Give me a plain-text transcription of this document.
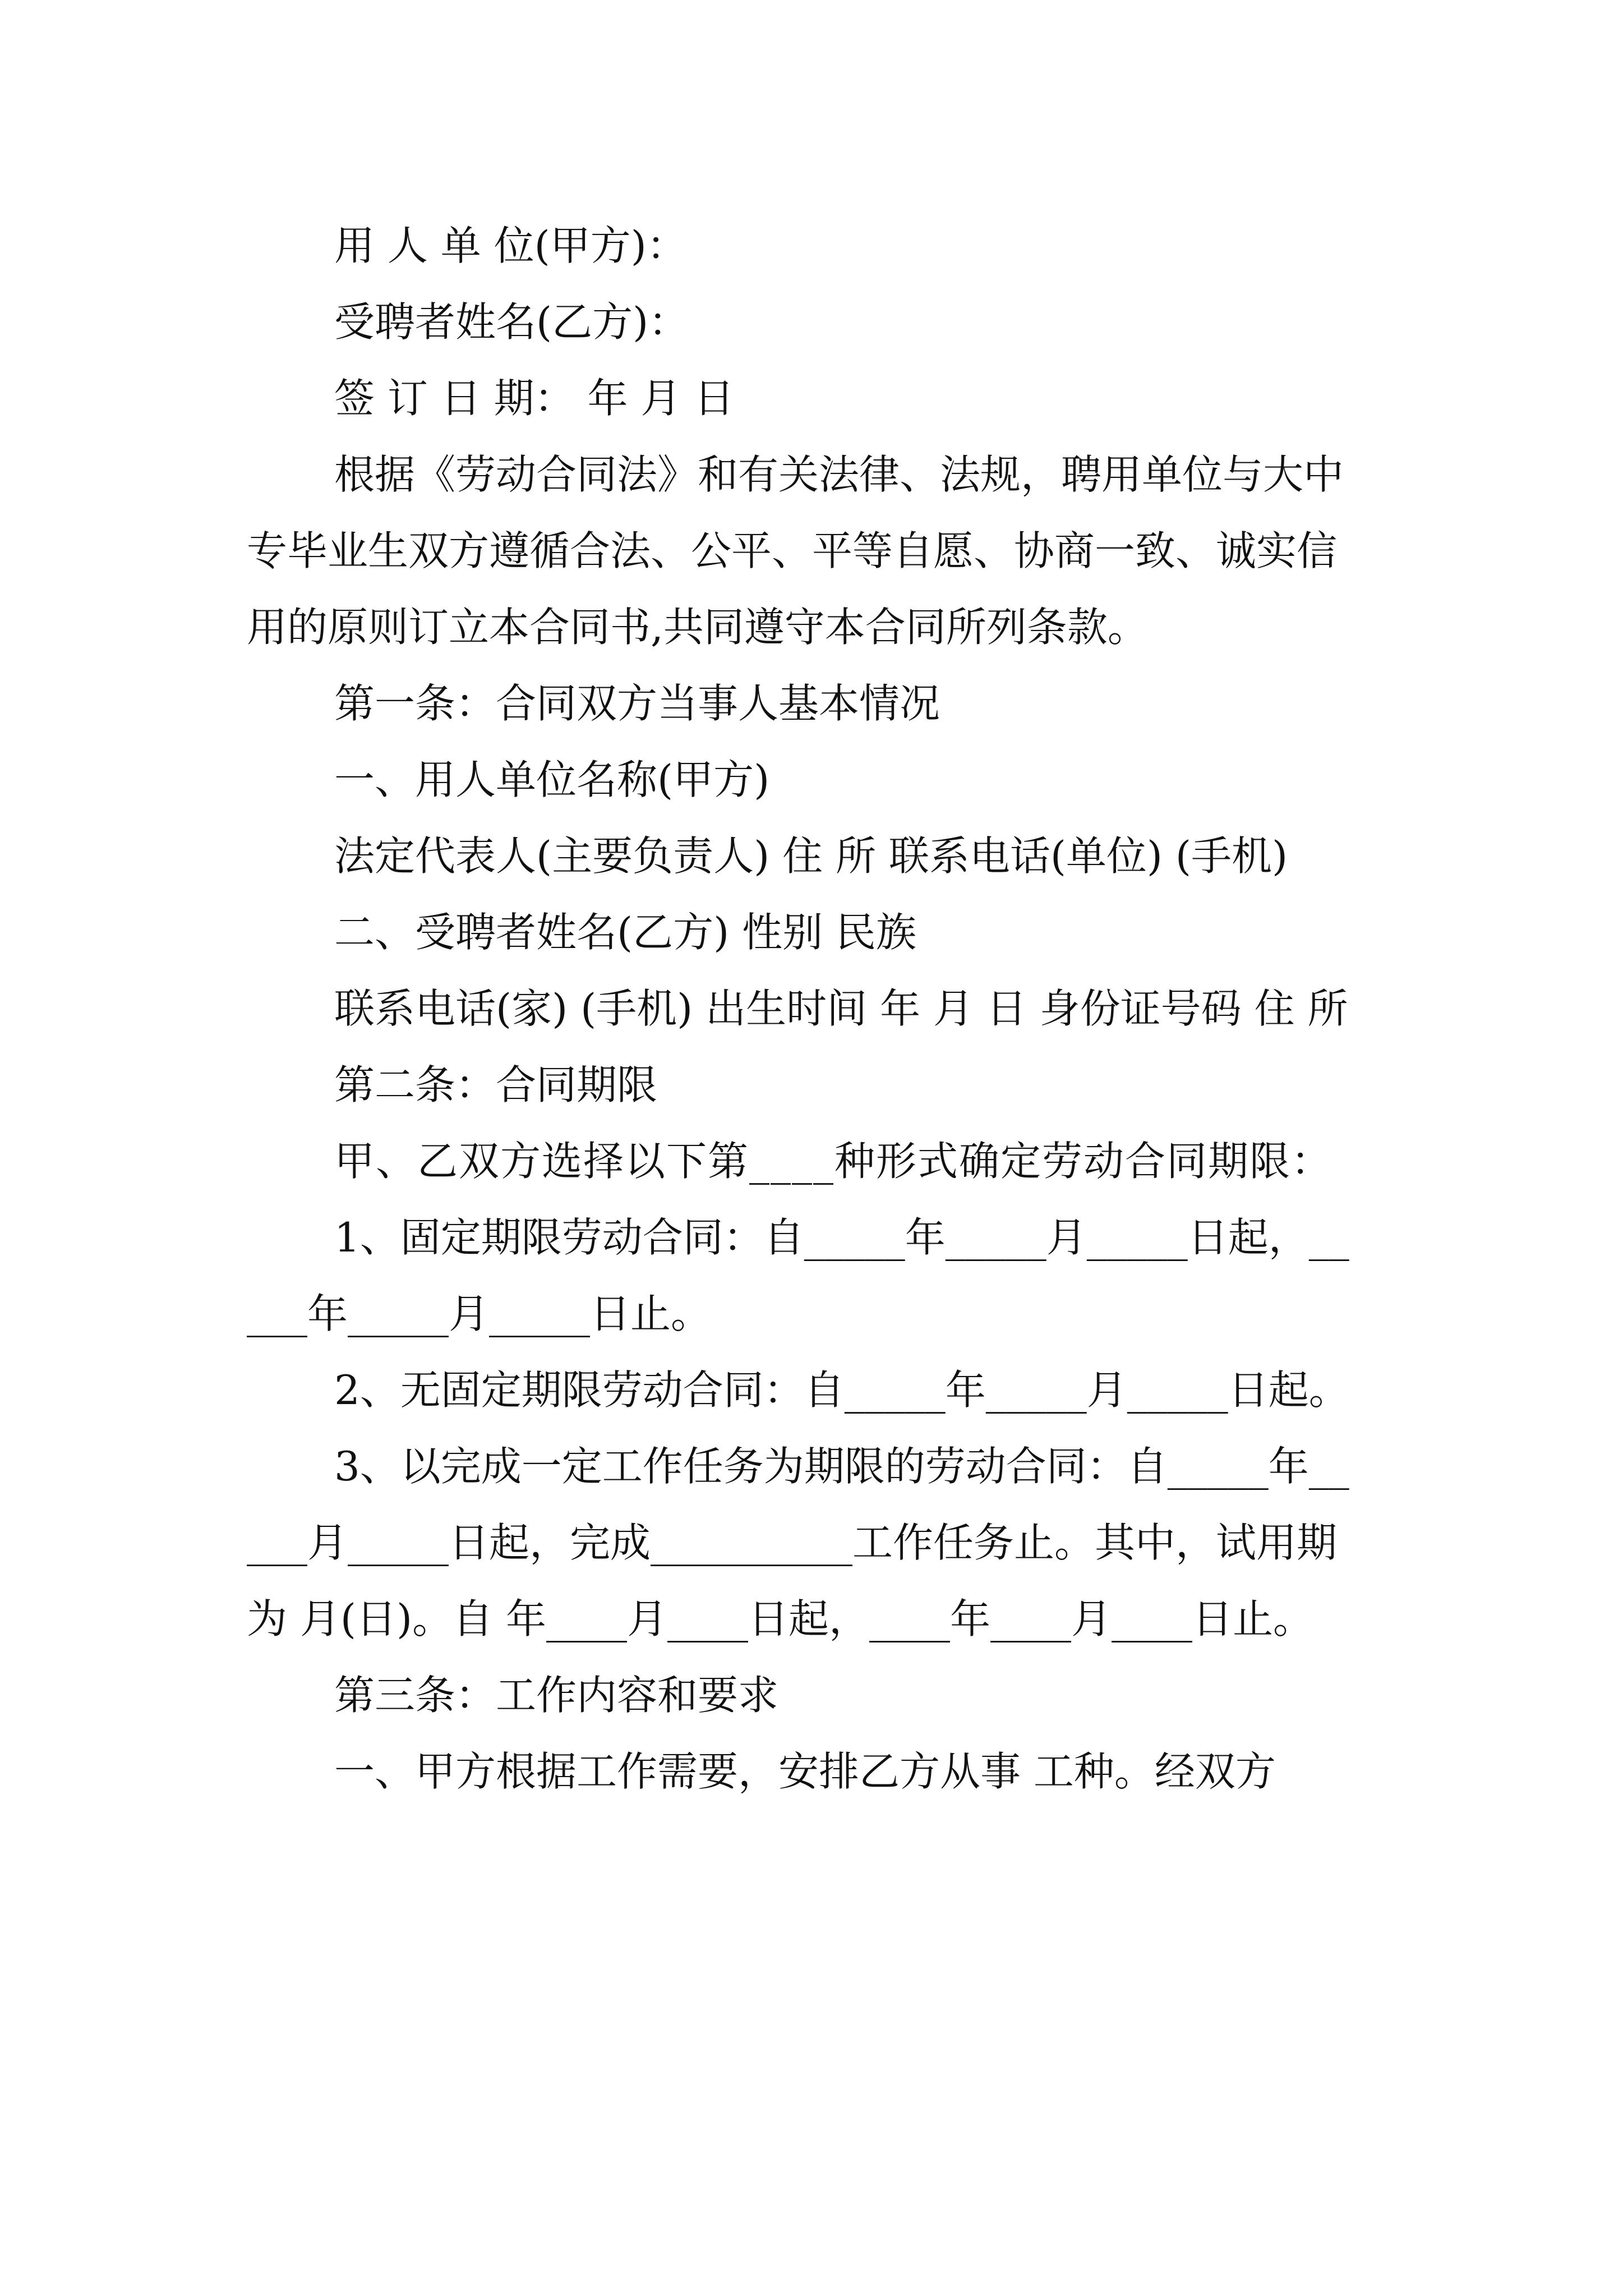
用 人 单 位(甲方)：

受聘者姓名(乙方)：

签 订 日 期： 年 月 日

根据《劳动合同法》和有关法律、法规，聘用单位与大中专毕业生双方遵循合法、公平、平等自愿、协商一致、诚实信用的原则订立本合同书,共同遵守本合同所列条款。

第一条：合同双方当事人基本情况

一、用人单位名称(甲方)

法定代表人(主要负责人) 住 所 联系电话(单位) (手机)

二、受聘者姓名(乙方) 性别 民族

联系电话(家) (手机) 出生时间 年 月 日 身份证号码 住 所

第二条：合同期限

甲、乙双方选择以下第____种形式确定劳动合同期限：

1、固定期限劳动合同：自_____年_____月_____日起，_____年_____月_____日止。

2、无固定期限劳动合同：自_____年_____月_____日起。

3、以完成一定工作任务为期限的劳动合同：自_____年_____月_____日起，完成__________工作任务止。其中，试用期为 月(日)。自 年____月____日起，____年____月____日止。

第三条：工作内容和要求

一、甲方根据工作需要，安排乙方从事 工种。经双方
